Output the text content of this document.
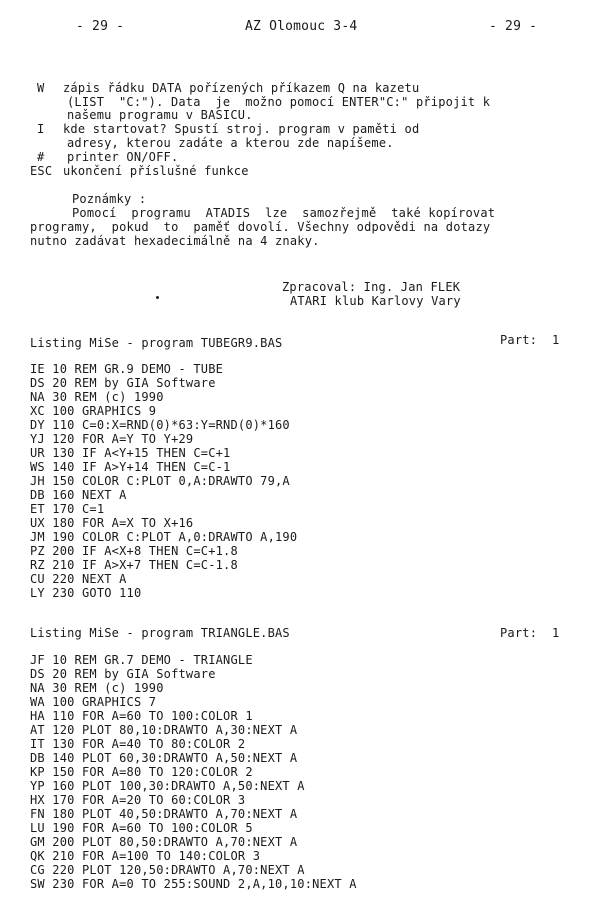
- 29 -	AZ Olomouc 3-4	- 29 -
W zápis řádku DATA pořízených příkazem Q na kazetu
(LIST  "C:"). Data  je  možno pomocí ENTER"C:" připojit k
našemu programu v BASICU.
I kde startovat? Spustí stroj. program v paměti od
adresy, kterou zadáte a kterou zde napíšeme.
# printer ON/OFF.
ESC ukončení příslušné funkce
Poznámky :
Pomocí  programu  ATADIS  lze  samozřejmě  také kopírovat
programy,  pokud  to  paměť dovolí. Všechny odpovědi na dotazy
nutno zadávat hexadecimálně na 4 znaky.
Zpracoval: Ing. Jan FLEK
ATARI klub Karlovy Vary
Listing MiSe - program TUBEGR9.BAS	Part:  1
IE 10 REM GR.9 DEMO - TUBE
DS 20 REM by GIA Software
NA 30 REM (c) 1990
XC 100 GRAPHICS 9
DY 110 C=0:X=RND(0)*63:Y=RND(0)*160
YJ 120 FOR A=Y TO Y+29
UR 130 IF A<Y+15 THEN C=C+1
WS 140 IF A>Y+14 THEN C=C-1
JH 150 COLOR C:PLOT 0,A:DRAWTO 79,A
DB 160 NEXT A
ET 170 C=1
UX 180 FOR A=X TO X+16
JM 190 COLOR C:PLOT A,0:DRAWTO A,190
PZ 200 IF A<X+8 THEN C=C+1.8
RZ 210 IF A>X+7 THEN C=C-1.8
CU 220 NEXT A
LY 230 GOTO 110
Listing MiSe - program TRIANGLE.BAS	Part:  1
JF 10 REM GR.7 DEMO - TRIANGLE
DS 20 REM by GIA Software
NA 30 REM (c) 1990
WA 100 GRAPHICS 7
HA 110 FOR A=60 TO 100:COLOR 1
AT 120 PLOT 80,10:DRAWTO A,30:NEXT A
IT 130 FOR A=40 TO 80:COLOR 2
DB 140 PLOT 60,30:DRAWTO A,50:NEXT A
KP 150 FOR A=80 TO 120:COLOR 2
YP 160 PLOT 100,30:DRAWTO A,50:NEXT A
HX 170 FOR A=20 TO 60:COLOR 3
FN 180 PLOT 40,50:DRAWTO A,70:NEXT A
LU 190 FOR A=60 TO 100:COLOR 5
GM 200 PLOT 80,50:DRAWTO A,70:NEXT A
QK 210 FOR A=100 TO 140:COLOR 3
CG 220 PLOT 120,50:DRAWTO A,70:NEXT A
SW 230 FOR A=0 TO 255:SOUND 2,A,10,10:NEXT A
